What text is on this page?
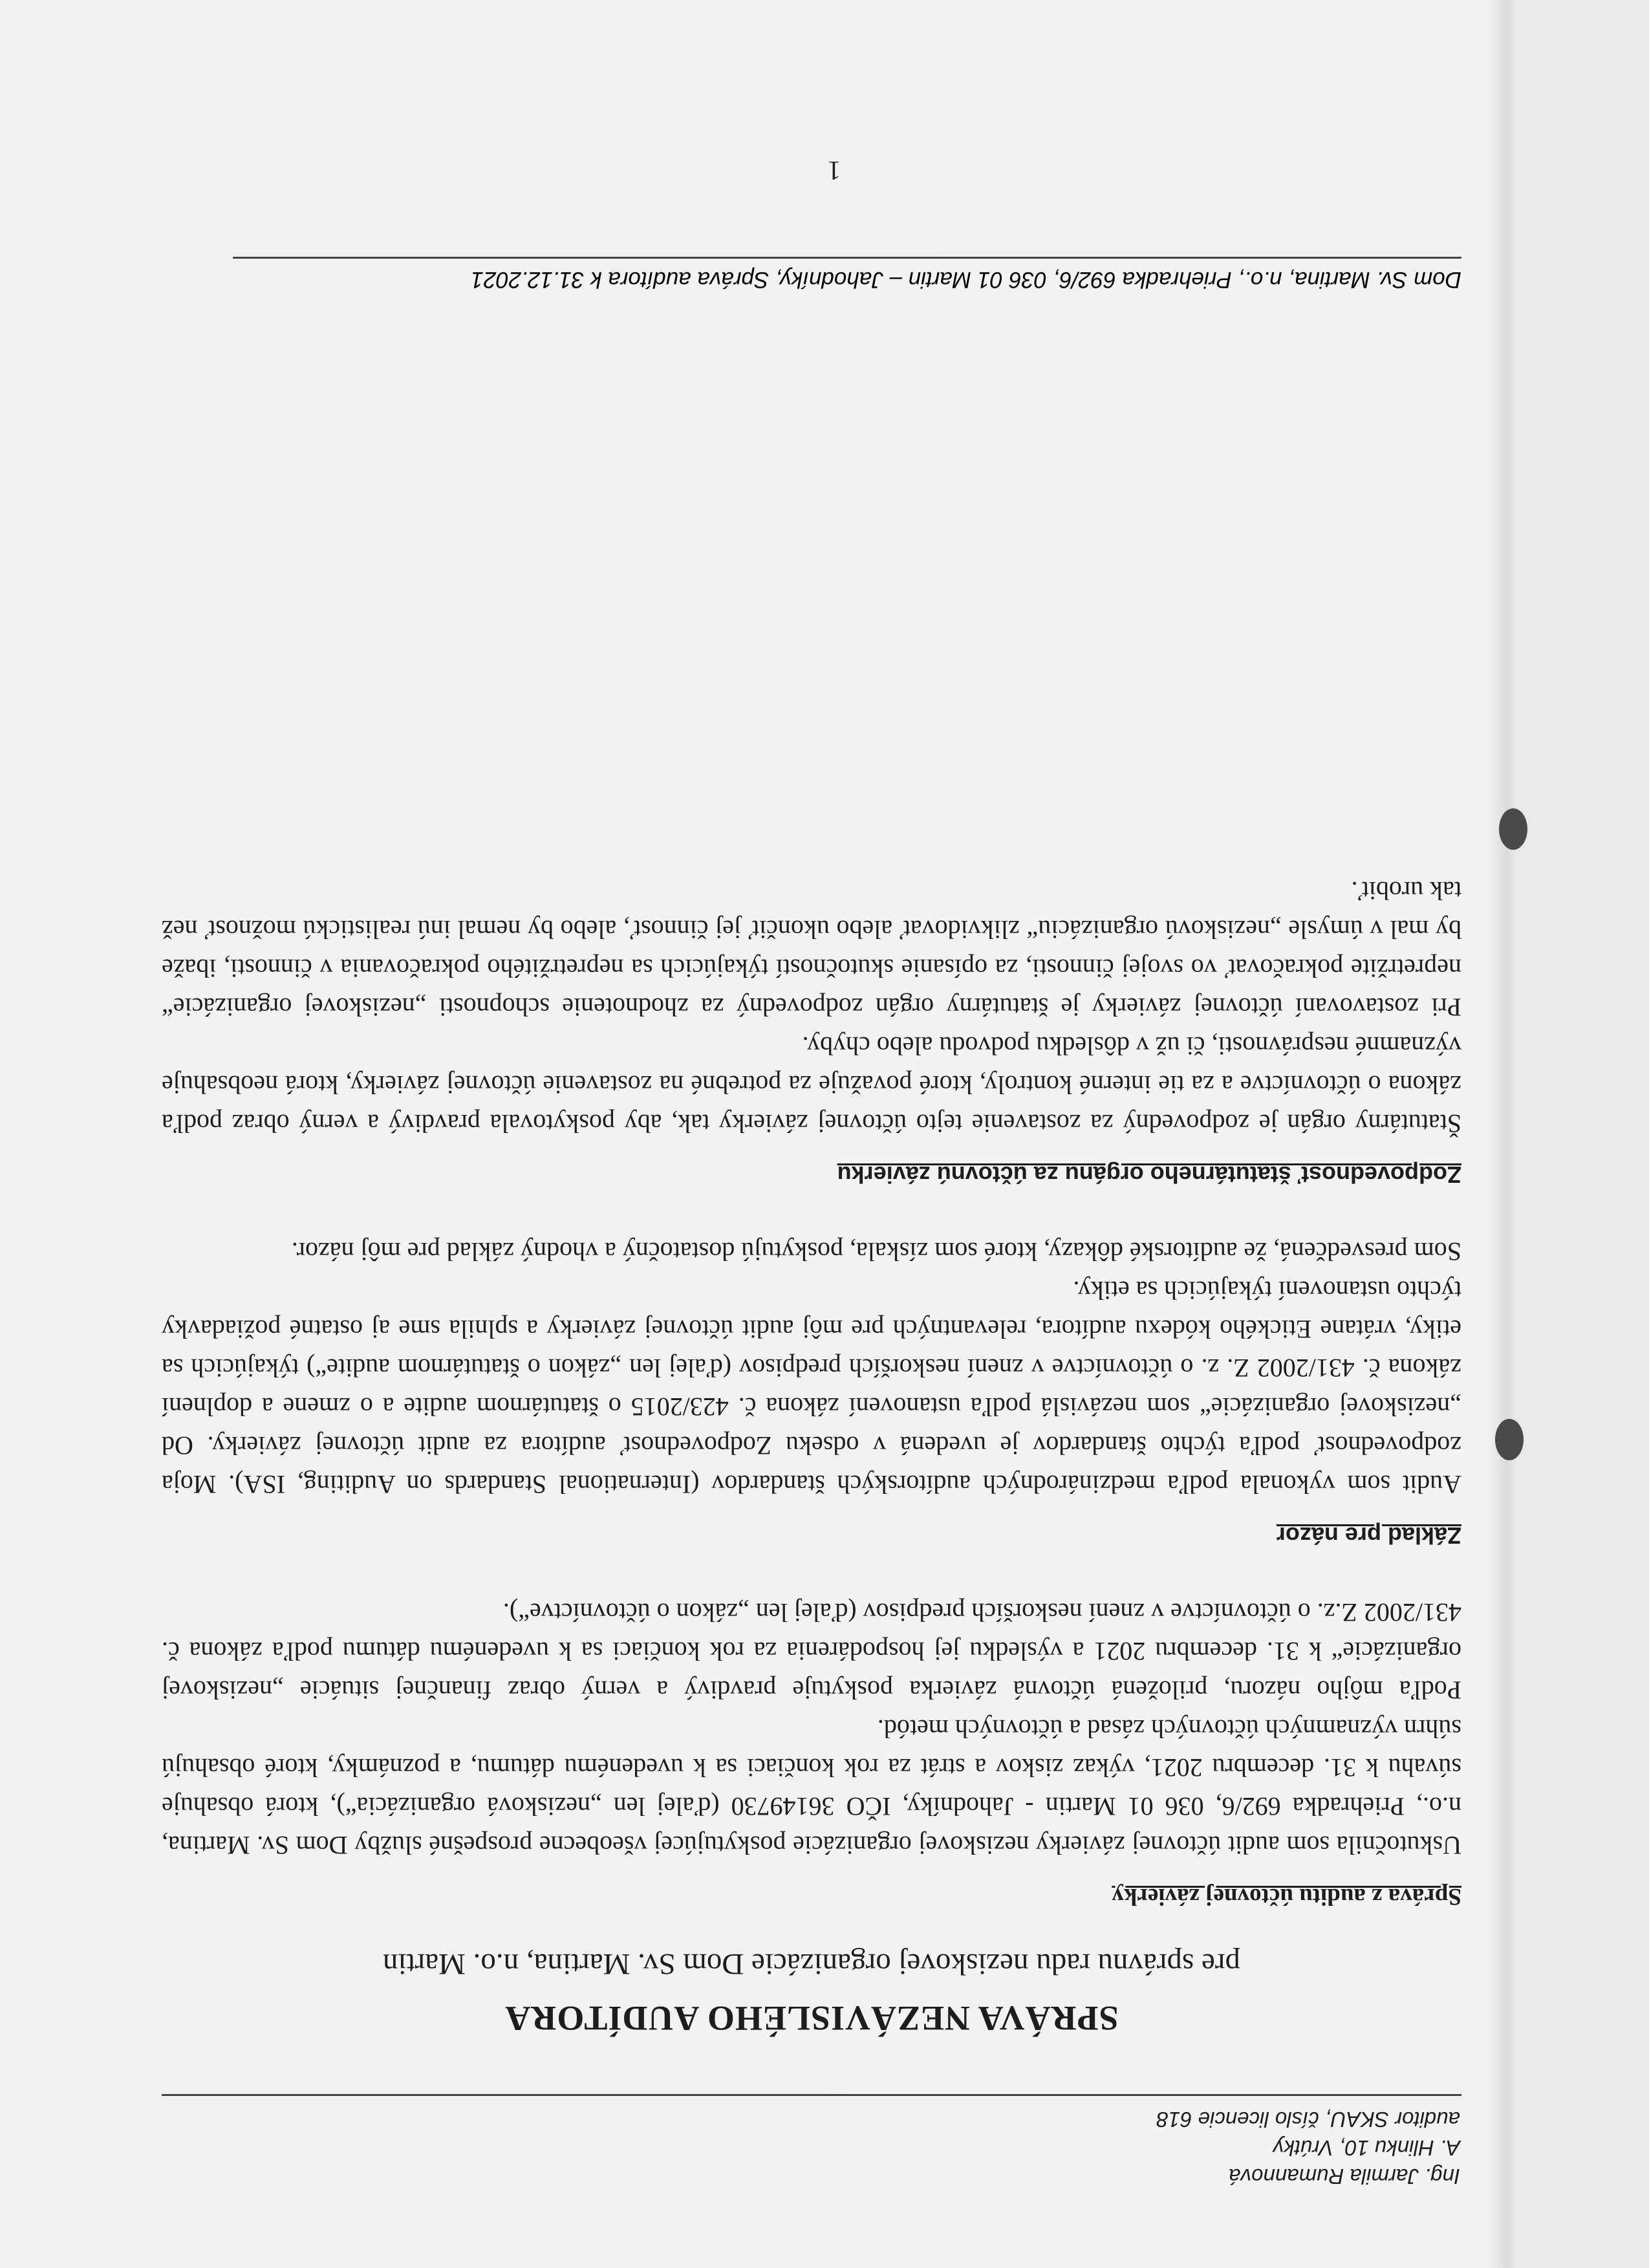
Ing. Jarmila Rumannová

A. Hlinku 10, Vrútky

auditor SKAU, číslo licencie 618

SPRÁVA NEZÁVISLÉHO AUDÍTORA

pre správnu radu neziskovej organizácie Dom Sv. Martina, n.o. Martin

Správa z auditu účtovnej závierky

Uskutočnila som audit účtovnej závierky neziskovej organizácie poskytujúcej všeobecne prospešné služby Dom Sv. Martina, n.o., Priehradka 692/6, 036 01 Martin - Jahodníky, IČO 36149730 (ďalej len „nezisková organizácia“), ktorá obsahuje súvahu k 31. decembru 2021, výkaz ziskov a strát za rok končiaci sa k uvedenému dátumu, a poznámky, ktoré obsahujú súhrn významných účtovných zásad a účtovných metód.

Podľa môjho názoru, priložená účtovná závierka poskytuje pravdivý a verný obraz finančnej situácie „neziskovej organizácie“ k 31. decembru 2021 a výsledku jej hospodárenia za rok končiaci sa k uvedenému dátumu podľa zákona č. 431/2002 Z.z. o účtovníctve v znení neskorších predpisov (ďalej len „zákon o účtovníctve“).

Základ pre názor

Audit som vykonala podľa medzinárodných audítorských štandardov (International Standards on Auditing, ISA). Moja zodpovednosť podľa týchto štandardov je uvedená v odseku Zodpovednosť audítora za audit účtovnej závierky. Od „neziskovej organizácie“ som nezávislá podľa ustanovení zákona č. 423/2015 o štatutárnom audite a o zmene a doplnení zákona č. 431/2002 Z. z. o účtovníctve v znení neskorších predpisov (ďalej len „zákon o štatutárnom audite“) týkajúcich sa etiky, vrátane Etického kódexu audítora, relevantných pre môj audit účtovnej závierky a splnila sme aj ostatné požiadavky týchto ustanovení týkajúcich sa etiky.

Som presvedčená, že audítorské dôkazy, ktoré som získala, poskytujú dostatočný a vhodný základ pre môj názor.

Zodpovednosť štatutárneho orgánu za účtovnú závierku

Štatutárny orgán je zodpovedný za zostavenie tejto účtovnej závierky tak, aby poskytovala pravdivý a verný obraz podľa zákona o účtovníctve a za tie interné kontroly, ktoré považuje za potrebné na zostavenie účtovnej závierky, ktorá neobsahuje významné nesprávnosti, či už v dôsledku podvodu alebo chyby.

Pri zostavovaní účtovnej závierky je štatutárny orgán zodpovedný za zhodnotenie schopnosti „neziskovej organizácie“ nepretržite pokračovať vo svojej činnosti, za opísanie skutočností týkajúcich sa nepretržitého pokračovania v činnosti, ibaže by mal v úmysle „neziskovú organizáciu“ zlikvidovať alebo ukončiť jej činnosť, alebo by nemal inú realistickú možnosť než tak urobiť.

Dom Sv. Martina, n.o., Priehradka 692/6, 036 01 Martin – Jahodníky, Správa audítora k 31.12.2021

1
